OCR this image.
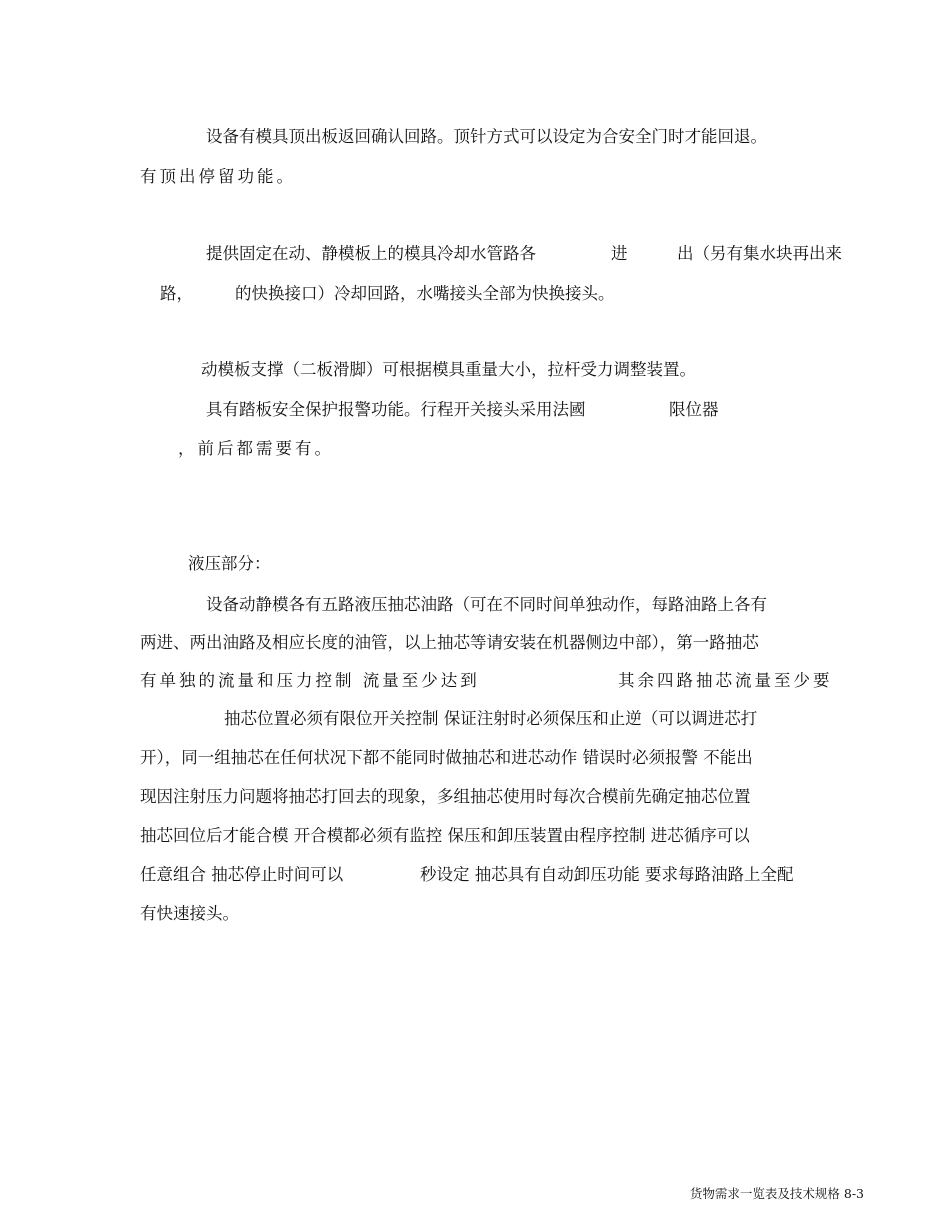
设备有模具顶出板返回确认回路。顶针方式可以设定为合安全门时才能回退。

有顶出停留功能。

提供固定在动、静模板上的模具冷却水管路各	进	出（另有集水块再出来

路，	的快换接口）冷却回路，水嘴接头全部为快换接头。

动模板支撑（二板滑脚）可根据模具重量大小，拉杆受力调整装置。

具有踏板安全保护报警功能。行程开关接头采用法國	限位器

，前后都需要有。

液压部分：

设备动静模各有五路液压抽芯油路（可在不同时间单独动作，每路油路上各有

两进、两出油路及相应长度的油管，以上抽芯等请安装在机器侧边中部），第一路抽芯

有单独的流量和压力控制 流量至少达到	其余四路抽芯流量至少要

抽芯位置必须有限位开关控制 保证注射时必须保压和止逆（可以调进芯打

开），同一组抽芯在任何状况下都不能同时做抽芯和进芯动作 错误时必须报警 不能出

现因注射压力问题将抽芯打回去的现象，多组抽芯使用时每次合模前先确定抽芯位置

抽芯回位后才能合模 开合模都必须有监控 保压和卸压装置由程序控制 进芯循序可以

任意组合 抽芯停止时间可以	秒设定 抽芯具有自动卸压功能 要求每路油路上全配

有快速接头。

货物需求一览表及技术规格 8-3
